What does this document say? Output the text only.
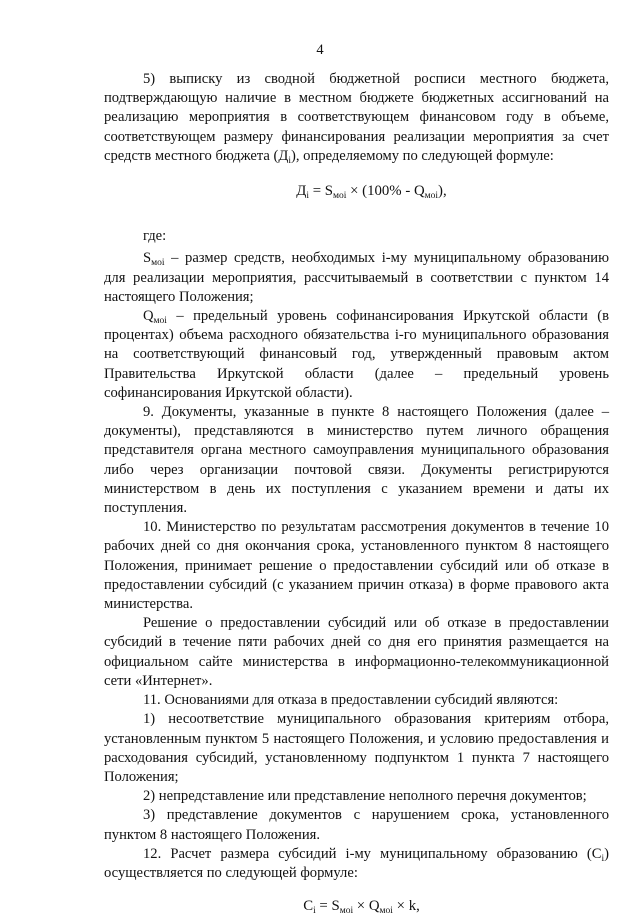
4

5) выписку из сводной бюджетной росписи местного бюджета, подтверждающую наличие в местном бюджете бюджетных ассигнований на реализацию мероприятия в соответствующем финансовом году в объеме, соответствующем размеру финансирования реализации мероприятия за счет средств местного бюджета $(Д_i)$, определяемому по следующей формуле:

$Д_i = S_{моi} \times (100\% - Q_{моi})$,

где:

$S_{моi}$ – размер средств, необходимых i-му муниципальному образованию для реализации мероприятия, рассчитываемый в соответствии с пунктом 14 настоящего Положения;

$Q_{моi}$ – предельный уровень софинансирования Иркутской области (в процентах) объема расходного обязательства i-го муниципального образования на соответствующий финансовый год, утвержденный правовым актом Правительства Иркутской области (далее – предельный уровень софинансирования Иркутской области).

9. Документы, указанные в пункте 8 настоящего Положения (далее – документы), представляются в министерство путем личного обращения представителя органа местного самоуправления муниципального образования либо через организации почтовой связи. Документы регистрируются министерством в день их поступления с указанием времени и даты их поступления.

10. Министерство по результатам рассмотрения документов в течение 10 рабочих дней со дня окончания срока, установленного пунктом 8 настоящего Положения, принимает решение о предоставлении субсидий или об отказе в предоставлении субсидий (с указанием причин отказа) в форме правового акта министерства.

Решение о предоставлении субсидий или об отказе в предоставлении субсидий в течение пяти рабочих дней со дня его принятия размещается на официальном сайте министерства в информационно-телекоммуникационной сети «Интернет».

11. Основаниями для отказа в предоставлении субсидий являются:

1) несоответствие муниципального образования критериям отбора, установленным пунктом 5 настоящего Положения, и условию предоставления и расходования субсидий, установленному подпунктом 1 пункта 7 настоящего Положения;

2) непредставление или представление неполного перечня документов;

3) представление документов с нарушением срока, установленного пунктом 8 настоящего Положения.

12. Расчет размера субсидий i-му муниципальному образованию $(C_i)$ осуществляется по следующей формуле:

$C_i = S_{моi} \times Q_{моi} \times k$,
